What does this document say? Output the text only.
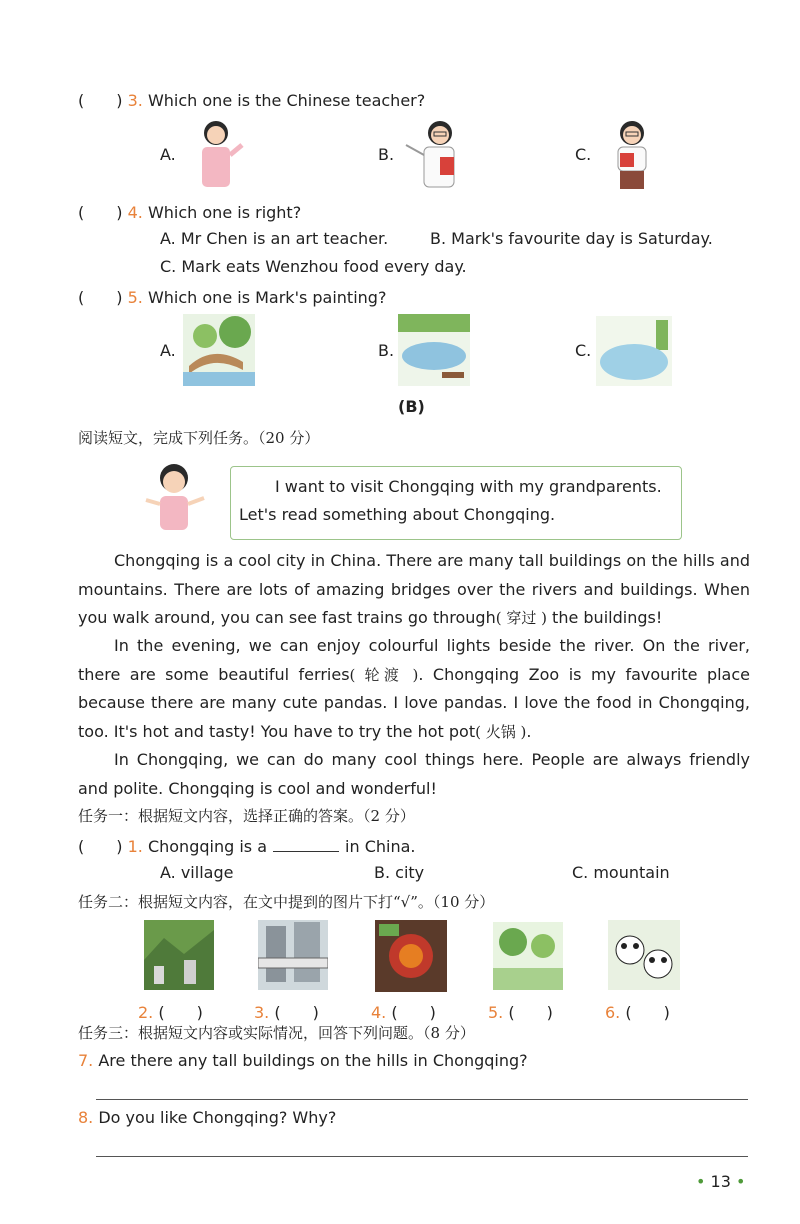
(　　) 3. Which one is the Chinese teacher?
A.	B.	C.
(　　) 4. Which one is right?
A. Mr Chen is an art teacher.	B. Mark's favourite day is Saturday.
C. Mark eats Wenzhou food every day.
(　　) 5. Which one is Mark's painting?
A.	B.	C.
(B)
阅读短文，完成下列任务。（20 分）
I want to visit Chongqing with my grandparents.
Let's read something about Chongqing.
Chongqing is a cool city in China. There are many tall buildings on the hills and mountains. There are lots of amazing bridges over the rivers and buildings. When you walk around, you can see fast trains go through( 穿过 ) the buildings!
In the evening, we can enjoy colourful lights beside the river. On the river, there are some beautiful ferries( 轮渡 ). Chongqing Zoo is my favourite place because there are many cute pandas. I love pandas. I love the food in Chongqing, too. It's hot and tasty! You have to try the hot pot( 火锅 ).
In Chongqing, we can do many cool things here. People are always friendly and polite. Chongqing is cool and wonderful!
任务一：根据短文内容，选择正确的答案。（2 分）
(　　) 1. Chongqing is a	in China.
A. village	B. city	C. mountain
任务二：根据短文内容，在文中提到的图片下打“√”。（10 分）
2. (　　)	3. (　　)	4. (　　)	5. (　　)	6. (　　)
任务三：根据短文内容或实际情况，回答下列问题。（8 分）
7. Are there any tall buildings on the hills in Chongqing?
8. Do you like Chongqing? Why?
• 13 •
